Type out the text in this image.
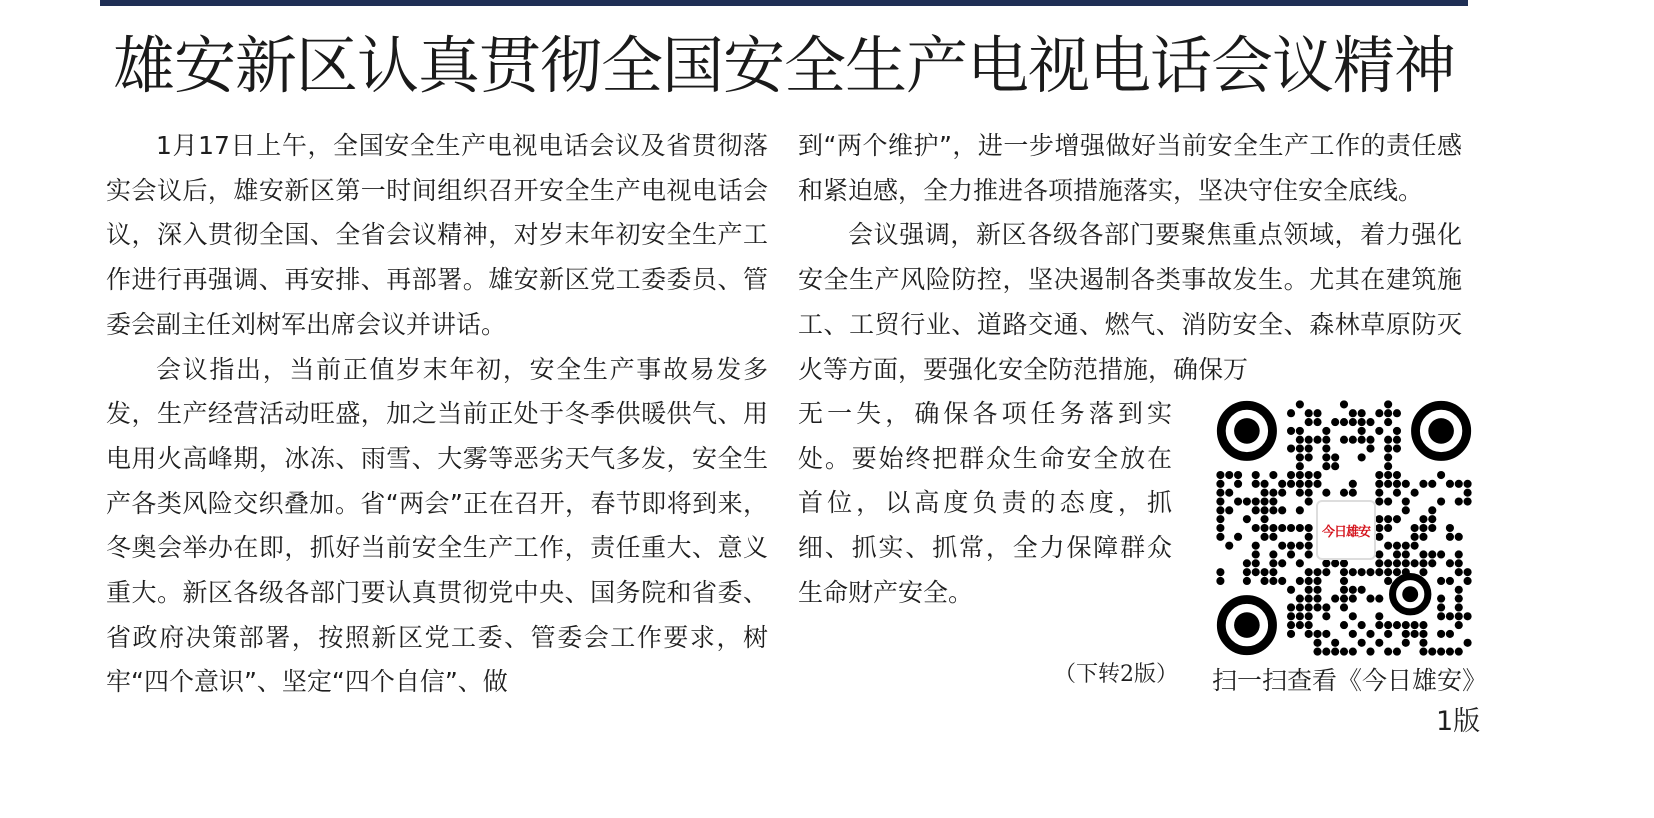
雄安新区认真贯彻全国安全生产电视电话会议精神

1月17日上午，全国安全生产电视电话会议及省贯彻落实会议后，雄安新区第一时间组织召开安全生产电视电话会议，深入贯彻全国、全省会议精神，对岁末年初安全生产工作进行再强调、再安排、再部署。雄安新区党工委委员、管委会副主任刘树军出席会议并讲话。

会议指出，当前正值岁末年初，安全生产事故易发多发，生产经营活动旺盛，加之当前正处于冬季供暖供气、用电用火高峰期，冰冻、雨雪、大雾等恶劣天气多发，安全生产各类风险交织叠加。省“两会”正在召开，春节即将到来，冬奥会举办在即，抓好当前安全生产工作，责任重大、意义重大。新区各级各部门要认真贯彻党中央、国务院和省委、省政府决策部署，按照新区党工委、管委会工作要求，树牢“四个意识”、坚定“四个自信”、做

到“两个维护”，进一步增强做好当前安全生产工作的责任感和紧迫感，全力推进各项措施落实，坚决守住安全底线。

会议强调，新区各级各部门要聚焦重点领域，着力强化安全生产风险防控，坚决遏制各类事故发生。尤其在建筑施工、工贸行业、道路交通、燃气、消防安全、森林草原防灭火等方面，要强化安全防范措施，确保万

无一失，确保各项任务落到实处。要始终把群众生命安全放在首位，以高度负责的态度，抓细、抓实、抓常，全力保障群众生命财产安全。

（下转2版）
今日雄安
扫一扫查看《今日雄安》
1版
